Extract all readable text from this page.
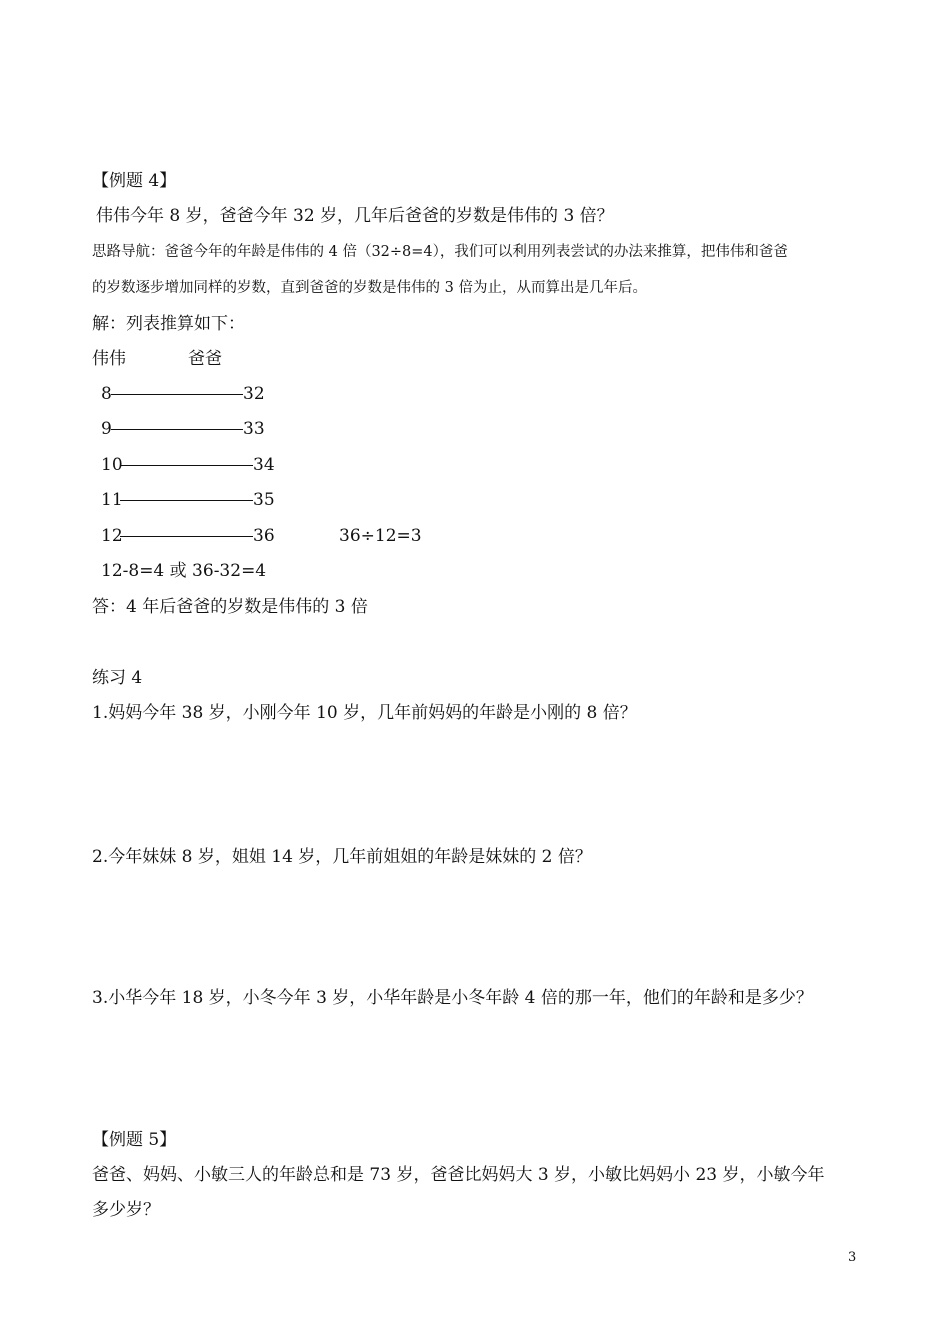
【例题 4】
伟伟今年 8 岁，爸爸今年 32 岁，几年后爸爸的岁数是伟伟的 3 倍？
思路导航：爸爸今年的年龄是伟伟的 4 倍（32÷8=4），我们可以利用列表尝试的办法来推算，把伟伟和爸爸
的岁数逐步增加同样的岁数，直到爸爸的岁数是伟伟的 3 倍为止，从而算出是几年后。
解：列表推算如下：
伟伟	爸爸
8	32
9	33
10	34
11	35
12	36	36÷12=3
12-8=4 或 36-32=4
答：4 年后爸爸的岁数是伟伟的 3 倍
练习 4
1.妈妈今年 38 岁，小刚今年 10 岁，几年前妈妈的年龄是小刚的 8 倍？
2.今年妹妹 8 岁，姐姐 14 岁，几年前姐姐的年龄是妹妹的 2 倍？
3.小华今年 18 岁，小冬今年 3 岁，小华年龄是小冬年龄 4 倍的那一年，他们的年龄和是多少？
【例题 5】
爸爸、妈妈、小敏三人的年龄总和是 73 岁，爸爸比妈妈大 3 岁，小敏比妈妈小 23 岁，小敏今年
多少岁？
3
